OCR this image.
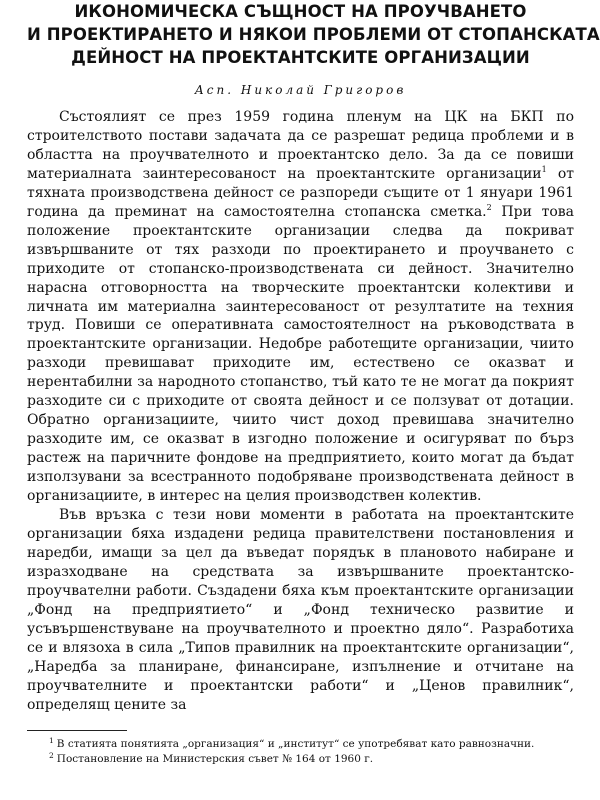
ИКОНОМИЧЕСКА СЪЩНОСТ НА ПРОУЧВАНЕТО
И ПРОЕКТИРАНЕТО И НЯКОИ ПРОБЛЕМИ ОТ СТОПАНСКАТА
ДЕЙНОСТ НА ПРОЕКТАНТСКИТЕ ОРГАНИЗАЦИИ
Асп. Николай Григоров

Състоялият се през 1959 година пленум на ЦК на БКП по строителството постави задачата да се разрешат редица проблеми и в областта на проучвателното и проектантско дело. За да се повиши материалната заинтересованост на проектантските организации$^1$ от тяхната производствена дейност се разпореди същите от 1 януари 1961 година да преминат на самостоятелна стопанска сметка.$^2$ При това положение проектантските организации следва да покриват извършваните от тях разходи по проектирането и проучването с приходите от стопанско-производствената си дейност. Значително нарасна отговорността на творческите проектантски колективи и личната им материална заинтересованост от резултатите на техния труд. Повиши се оперативната самостоятелност на ръководствата в проектантските организации. Недобре работещите организации, чиито разходи превишават приходите им, естествено се оказват и нерентабилни за народното стопанство, тъй като те не могат да покрият разходите си с приходите от своята дейност и се ползуват от дотации. Обратно организациите, чиито чист доход превишава значително разходите им, се оказват в изгодно положение и осигуряват по бърз растеж на паричните фондове на предприятието, които могат да бъдат използувани за всестранното подобряване производствената дейност в организациите, в интерес на целия производствен колектив.

Във връзка с тези нови моменти в работата на проектантските организации бяха издадени редица правителствени постановления и наредби, имащи за цел да въведат порядък в плановото набиране и изразходване на средствата за извършваните проектантско-проучвателни работи. Създадени бяха към проектантските организации „Фонд на предприятието“ и „Фонд техническо развитие и усъвършенствуване на проучвателното и проектно дяло“. Разработиха се и влязоха в сила „Типов правилник на проектантските организации“, „Наредба за планиране, финансиране, изпълнение и отчитане на проучвателните и проектантски работи“ и „Ценов правилник“, определящ цените за

$^1$ В статията понятията „организация“ и „институт“ се употребяват като равнозначни.

$^2$ Постановление на Министерския съвет № 164 от 1960 г.
